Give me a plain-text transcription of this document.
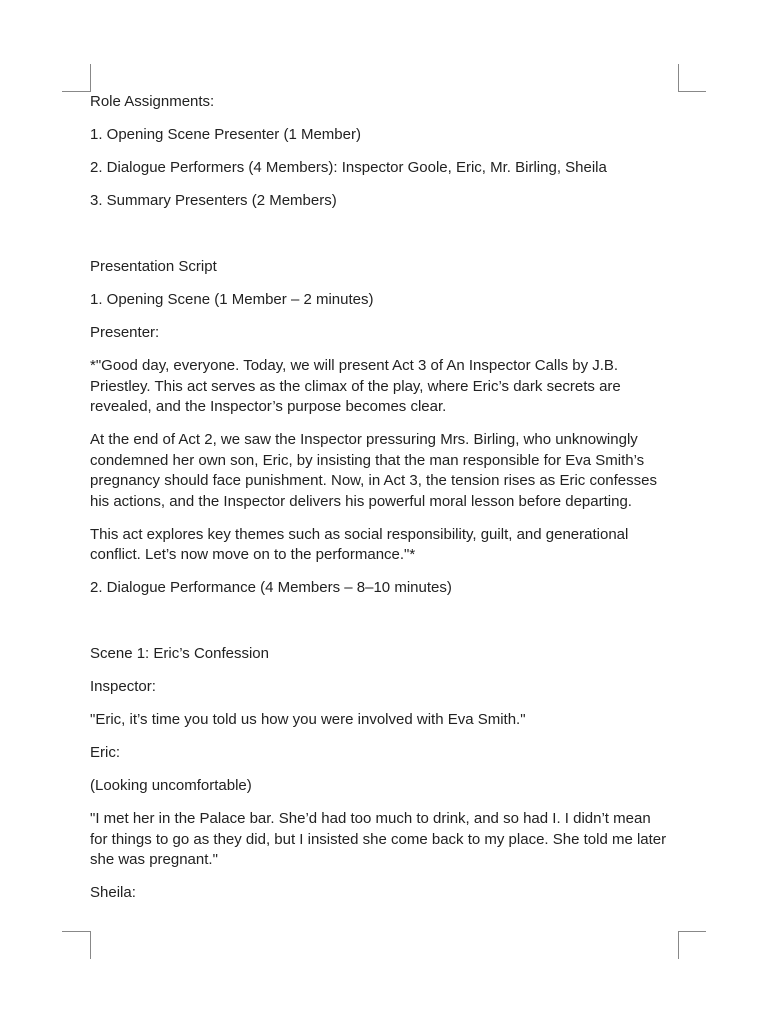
Role Assignments:

1. Opening Scene Presenter (1 Member)

2. Dialogue Performers (4 Members): Inspector Goole, Eric, Mr. Birling, Sheila

3. Summary Presenters (2 Members)

Presentation Script

1. Opening Scene (1 Member – 2 minutes)

Presenter:

*"Good day, everyone. Today, we will present Act 3 of An Inspector Calls by J.B. Priestley. This act serves as the climax of the play, where Eric’s dark secrets are revealed, and the Inspector’s purpose becomes clear.

At the end of Act 2, we saw the Inspector pressuring Mrs. Birling, who unknowingly condemned her own son, Eric, by insisting that the man responsible for Eva Smith’s pregnancy should face punishment. Now, in Act 3, the tension rises as Eric confesses his actions, and the Inspector delivers his powerful moral lesson before departing.

This act explores key themes such as social responsibility, guilt, and generational conflict. Let’s now move on to the performance."*

2. Dialogue Performance (4 Members – 8–10 minutes)

Scene 1: Eric’s Confession

Inspector:

"Eric, it’s time you told us how you were involved with Eva Smith."

Eric:

(Looking uncomfortable)

"I met her in the Palace bar. She’d had too much to drink, and so had I. I didn’t mean for things to go as they did, but I insisted she come back to my place. She told me later she was pregnant."

Sheila:
